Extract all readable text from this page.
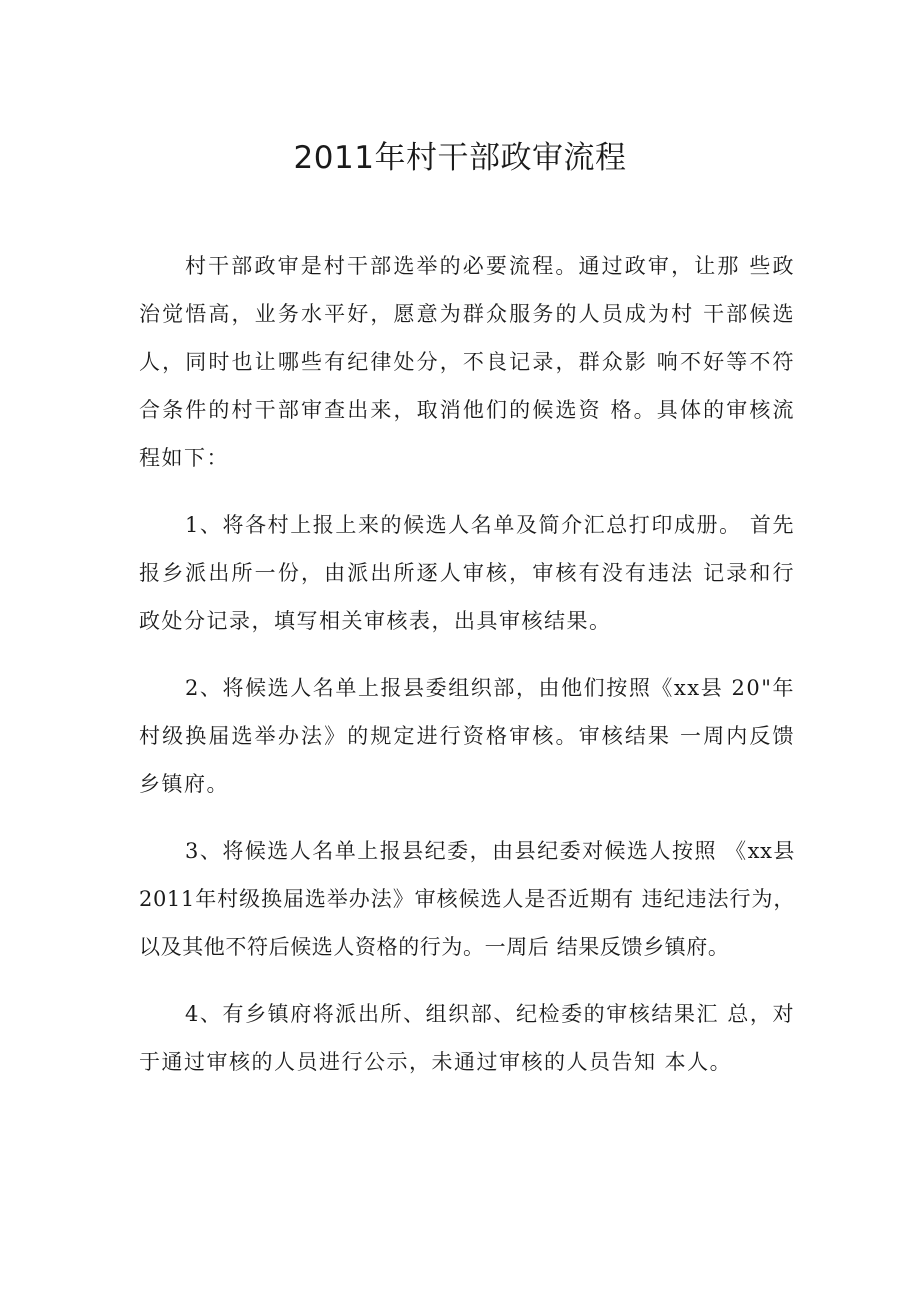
2011年村干部政审流程

村干部政审是村干部选举的必要流程。通过政审，让那 些政治觉悟高，业务水平好，愿意为群众服务的人员成为村 干部候选人，同时也让哪些有纪律处分，不良记录，群众影 响不好等不符合条件的村干部审查出来，取消他们的候选资 格。具体的审核流程如下：

1、将各村上报上来的候选人名单及简介汇总打印成册。 首先报乡派出所一份，由派出所逐人审核，审核有没有违法 记录和行政处分记录，填写相关审核表，出具审核结果。

2、将候选人名单上报县委组织部，由他们按照《xx县 20"年村级换届选举办法》的规定进行资格审核。审核结果 一周内反馈乡镇府。

3、将候选人名单上报县纪委，由县纪委对候选人按照 《xx县2011年村级换届选举办法》审核候选人是否近期有 违纪违法行为，以及其他不符后候选人资格的行为。一周后 结果反馈乡镇府。

4、有乡镇府将派出所、组织部、纪检委的审核结果汇 总，对于通过审核的人员进行公示，未通过审核的人员告知 本人。
